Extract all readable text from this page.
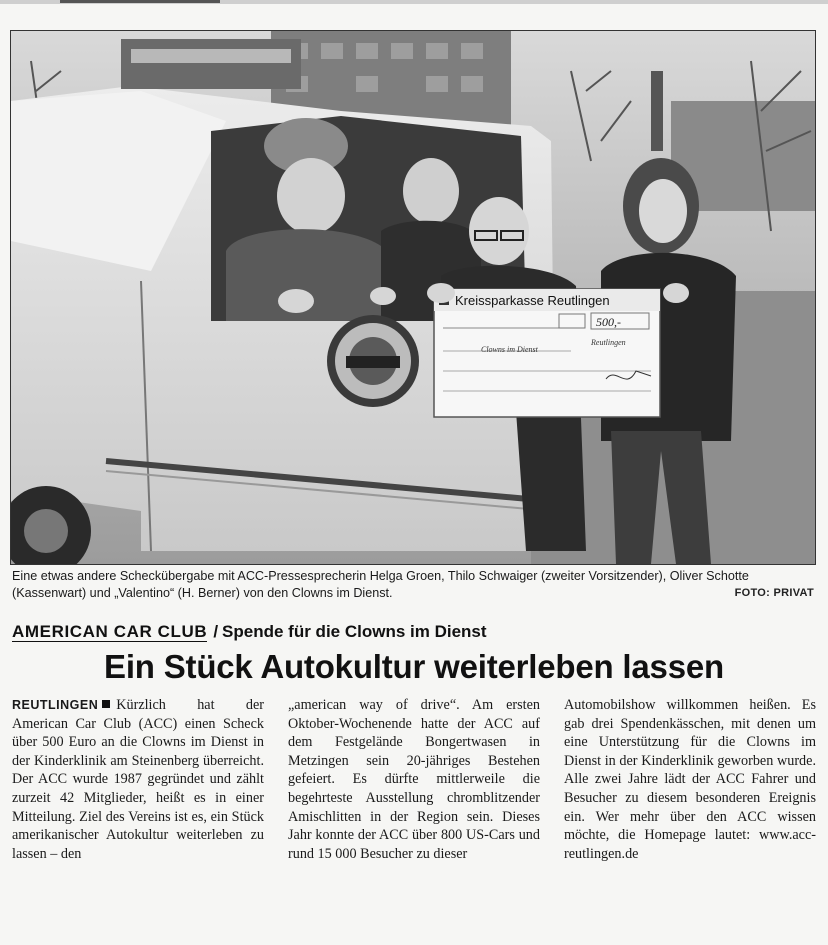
Kreissparkasse Reutlingen
500,-
Reutlingen
Clowns im Dienst
Eine etwas andere Scheckübergabe mit ACC-Pressesprecherin Helga Groen, Thilo Schwaiger (zweiter Vorsitzender), Oliver Schotte (Kassenwart) und „Valentino“ (H. Berner) von den Clowns im Dienst.	FOTO: PRIVAT
AMERICAN CAR CLUB / Spende für die Clowns im Dienst
Ein Stück Autokultur weiterleben lassen

REUTLINGEN Kürzlich hat der American Car Club (ACC) einen Scheck über 500 Euro an die Clowns im Dienst in der Kinderklinik am Steinenberg überreicht. Der ACC wurde 1987 gegründet und zählt zurzeit 42 Mitglieder, heißt es in einer Mitteilung. Ziel des Vereins ist es, ein Stück amerikanischer Autokultur weiterleben zu lassen – den

„american way of drive“. Am ersten Oktober-Wochenende hatte der ACC auf dem Festgelände Bongertwasen in Metzingen sein 20-jähriges Bestehen gefeiert. Es dürfte mittlerweile die begehrteste Ausstellung chromblitzender Amischlitten in der Region sein. Dieses Jahr konnte der ACC über 800 US-Cars und rund 15 000 Besucher zu dieser

Automobilshow willkommen heißen. Es gab drei Spendenkässchen, mit denen um eine Unterstützung für die Clowns im Dienst in der Kinderklinik geworben wurde. Alle zwei Jahre lädt der ACC Fahrer und Besucher zu diesem besonderen Ereignis ein. Wer mehr über den ACC wissen möchte, die Homepage lautet: www.acc-reutlingen.de
